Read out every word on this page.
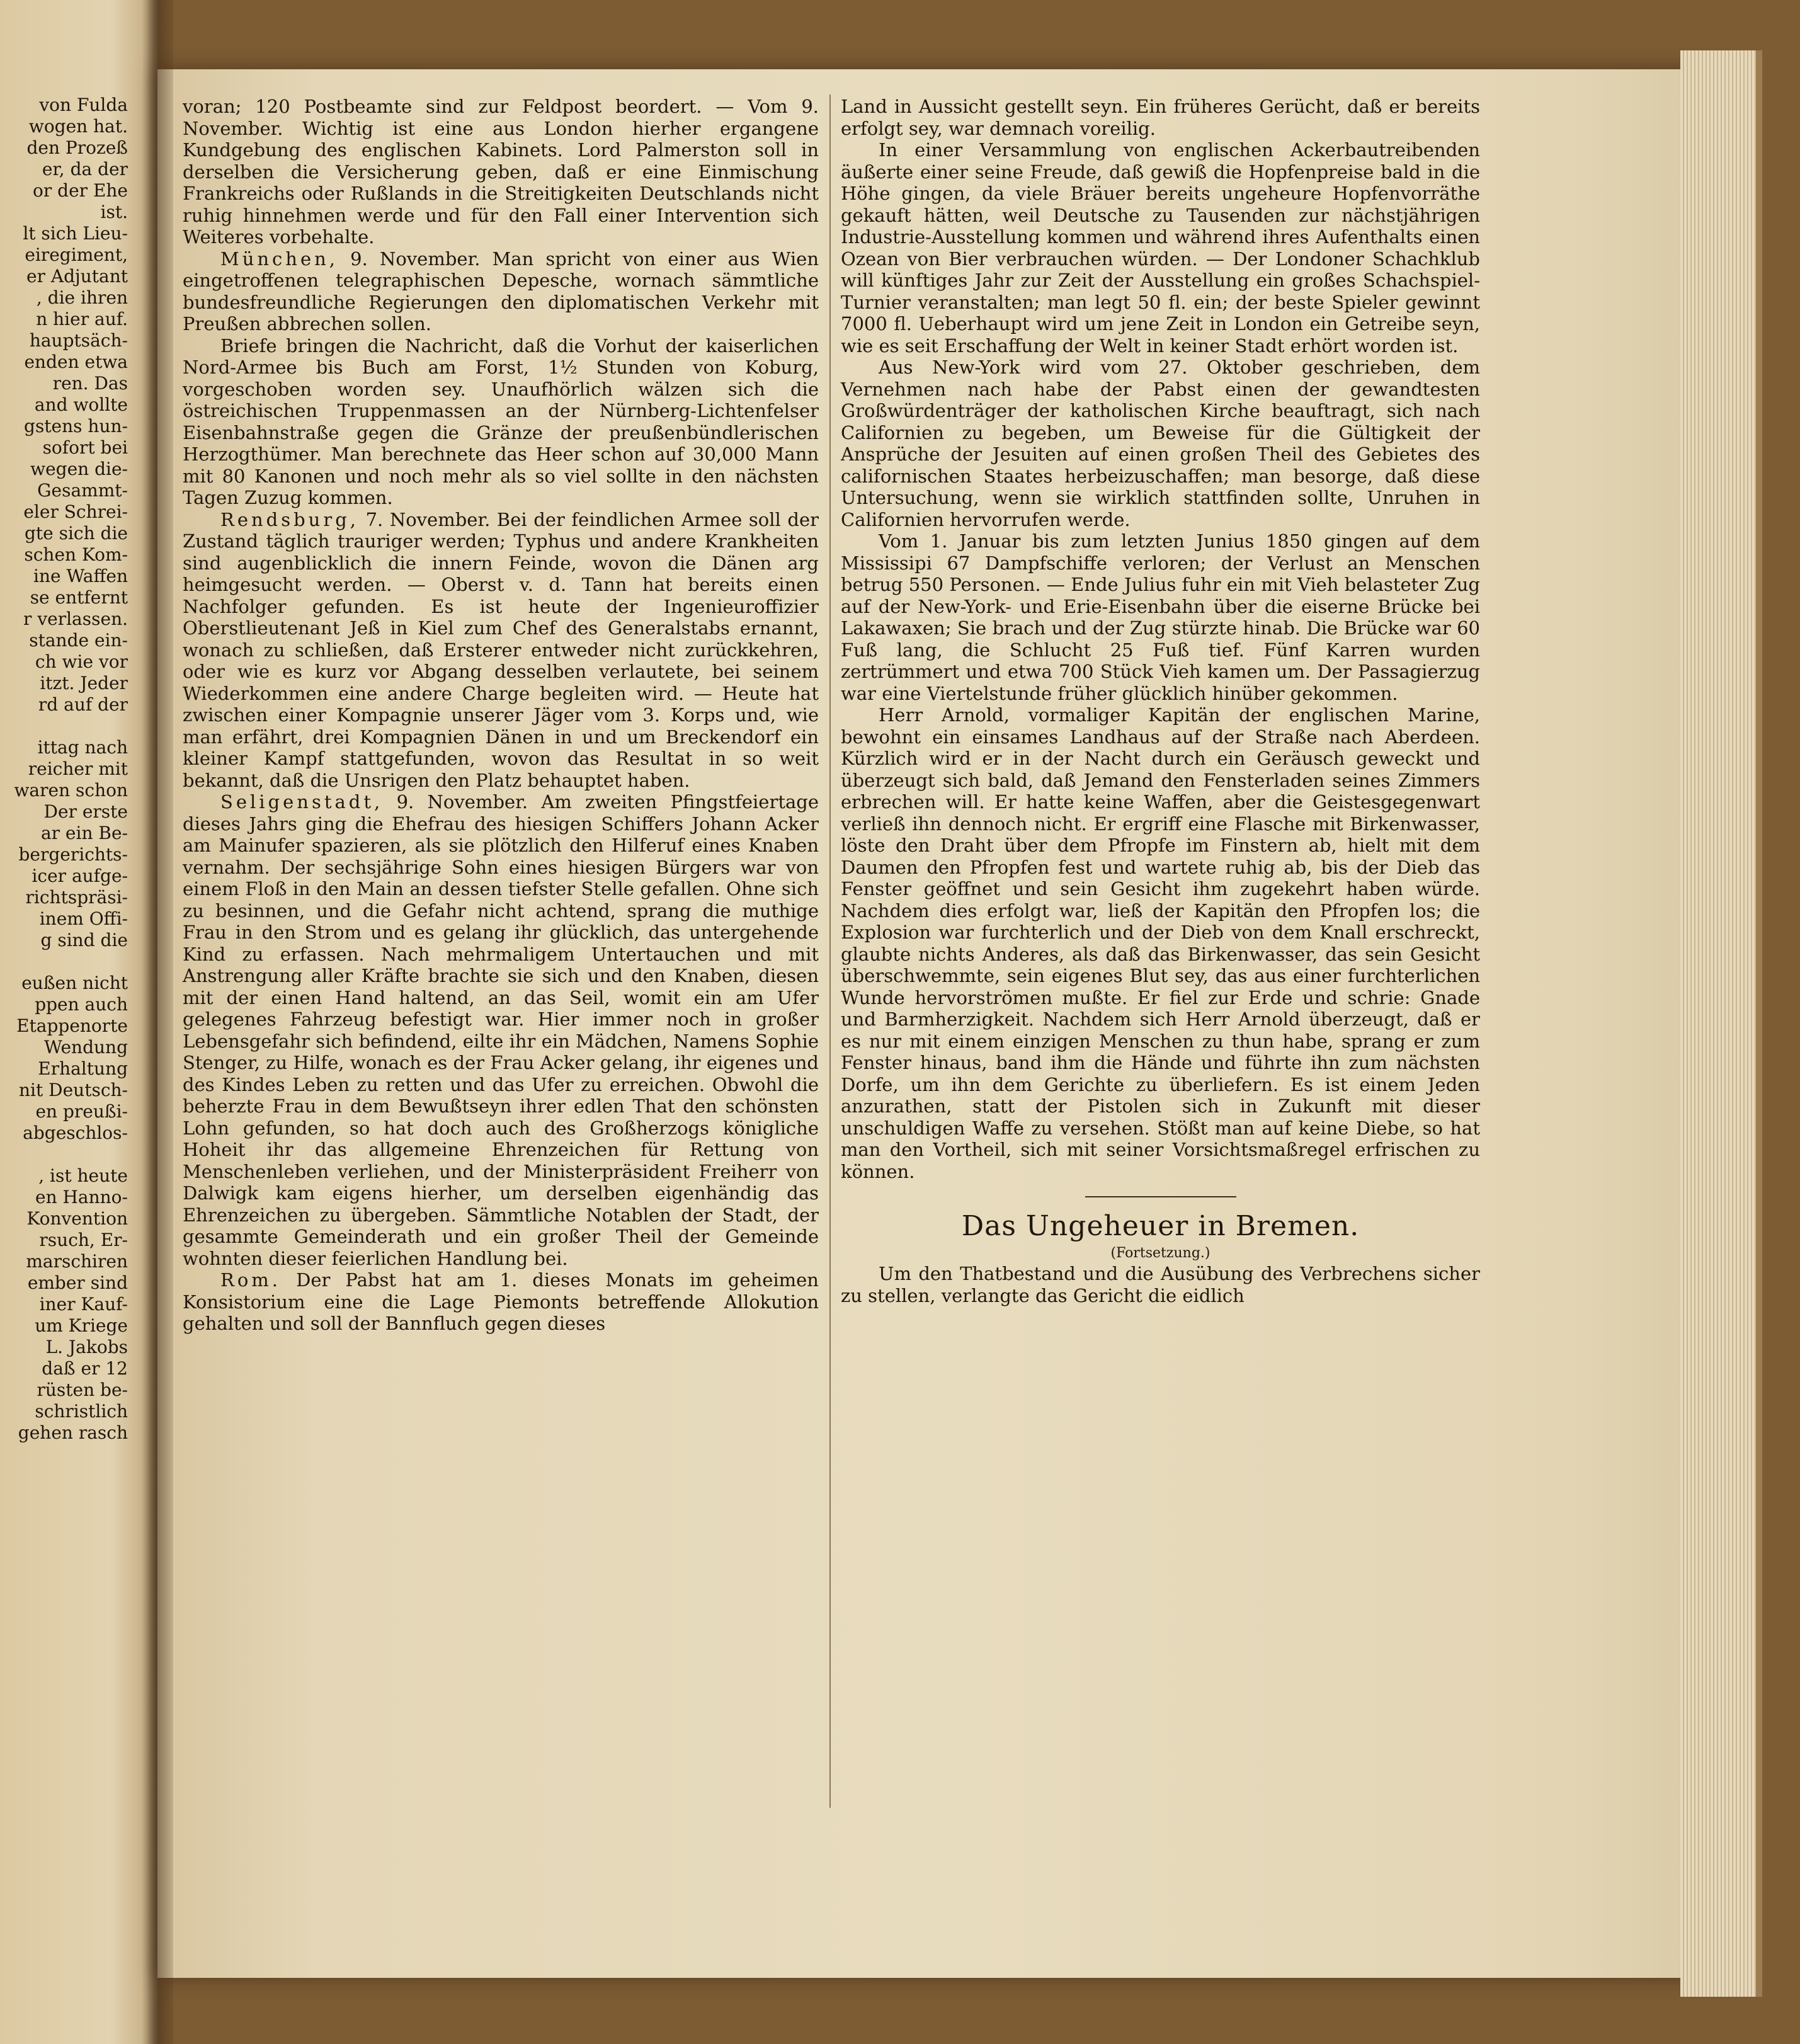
von Fulda
wogen hat.
den Prozeß
er, da der
or der Ehe
ist.
lt sich Lieu-
eiregiment,
er Adjutant
, die ihren
n hier auf.
hauptsäch-
enden etwa
ren. Das
and wollte
gstens hun-
sofort bei
wegen die-
Gesammt-
eler Schrei-
gte sich die
schen Kom-
ine Waffen
se entfernt
r verlassen.
stande ein-
ch wie vor
itzt. Jeder
rd auf der

ittag nach
reicher mit
waren schon
Der erste
ar ein Be-
bergerichts-
icer aufge-
richtspräsi-
inem Offi-
g sind die

eußen nicht
ppen auch
Etappenorte
Wendung
Erhaltung
nit Deutsch-
en preußi-
abgeschlos-

, ist heute
en Hanno-
Konvention
rsuch, Er-
marschiren
ember sind
iner Kauf-
um Kriege
L. Jakobs
daß er 12
rüsten be-
schristlich
gehen rasch

voran; 120 Postbeamte sind zur Feldpost beordert. — Vom 9. November. Wichtig ist eine aus London hierher ergangene Kundgebung des englischen Kabinets. Lord Palmerston soll in derselben die Versicherung geben, daß er eine Einmischung Frankreichs oder Rußlands in die Streitigkeiten Deutschlands nicht ruhig hinnehmen werde und für den Fall einer Intervention sich Weiteres vorbehalte.

München, 9. November. Man spricht von einer aus Wien eingetroffenen telegraphischen Depesche, wornach sämmtliche bundesfreundliche Regierungen den diplomatischen Verkehr mit Preußen abbrechen sollen.

Briefe bringen die Nachricht, daß die Vorhut der kaiserlichen Nord-Armee bis Buch am Forst, 1½ Stunden von Koburg, vorgeschoben worden sey. Unaufhörlich wälzen sich die östreichischen Truppenmassen an der Nürnberg-Lichtenfelser Eisenbahnstraße gegen die Gränze der preußenbündlerischen Herzogthümer. Man berechnete das Heer schon auf 30,000 Mann mit 80 Kanonen und noch mehr als so viel sollte in den nächsten Tagen Zuzug kommen.

Rendsburg, 7. November. Bei der feindlichen Armee soll der Zustand täglich trauriger werden; Typhus und andere Krankheiten sind augenblicklich die innern Feinde, wovon die Dänen arg heimgesucht werden. — Oberst v. d. Tann hat bereits einen Nachfolger gefunden. Es ist heute der Ingenieuroffizier Oberstlieutenant Jeß in Kiel zum Chef des Generalstabs ernannt, wonach zu schließen, daß Ersterer entweder nicht zurückkehren, oder wie es kurz vor Abgang desselben verlautete, bei seinem Wiederkommen eine andere Charge begleiten wird. — Heute hat zwischen einer Kompagnie unserer Jäger vom 3. Korps und, wie man erfährt, drei Kompagnien Dänen in und um Breckendorf ein kleiner Kampf stattgefunden, wovon das Resultat in so weit bekannt, daß die Unsrigen den Platz behauptet haben.

Seligenstadt, 9. November. Am zweiten Pfingstfeiertage dieses Jahrs ging die Ehefrau des hiesigen Schiffers Johann Acker am Mainufer spazieren, als sie plötzlich den Hilferuf eines Knaben vernahm. Der sechsjährige Sohn eines hiesigen Bürgers war von einem Floß in den Main an dessen tiefster Stelle gefallen. Ohne sich zu besinnen, und die Gefahr nicht achtend, sprang die muthige Frau in den Strom und es gelang ihr glücklich, das untergehende Kind zu erfassen. Nach mehrmaligem Untertauchen und mit Anstrengung aller Kräfte brachte sie sich und den Knaben, diesen mit der einen Hand haltend, an das Seil, womit ein am Ufer gelegenes Fahrzeug befestigt war. Hier immer noch in großer Lebensgefahr sich befindend, eilte ihr ein Mädchen, Namens Sophie Stenger, zu Hilfe, wonach es der Frau Acker gelang, ihr eigenes und des Kindes Leben zu retten und das Ufer zu erreichen. Obwohl die beherzte Frau in dem Bewußtseyn ihrer edlen That den schönsten Lohn gefunden, so hat doch auch des Großherzogs königliche Hoheit ihr das allgemeine Ehrenzeichen für Rettung von Menschenleben verliehen, und der Ministerpräsident Freiherr von Dalwigk kam eigens hierher, um derselben eigenhändig das Ehrenzeichen zu übergeben. Sämmtliche Notablen der Stadt, der gesammte Gemeinderath und ein großer Theil der Gemeinde wohnten dieser feierlichen Handlung bei.

Rom. Der Pabst hat am 1. dieses Monats im geheimen Konsistorium eine die Lage Piemonts betreffende Allokution gehalten und soll der Bannfluch gegen dieses

Land in Aussicht gestellt seyn. Ein früheres Gerücht, daß er bereits erfolgt sey, war demnach voreilig.

In einer Versammlung von englischen Ackerbautreibenden äußerte einer seine Freude, daß gewiß die Hopfenpreise bald in die Höhe gingen, da viele Bräuer bereits ungeheure Hopfenvorräthe gekauft hätten, weil Deutsche zu Tausenden zur nächstjährigen Industrie-Ausstellung kommen und während ihres Aufenthalts einen Ozean von Bier verbrauchen würden. — Der Londoner Schachklub will künftiges Jahr zur Zeit der Ausstellung ein großes Schachspiel-Turnier veranstalten; man legt 50 fl. ein; der beste Spieler gewinnt 7000 fl. Ueberhaupt wird um jene Zeit in London ein Getreibe seyn, wie es seit Erschaffung der Welt in keiner Stadt erhört worden ist.

Aus New-York wird vom 27. Oktober geschrieben, dem Vernehmen nach habe der Pabst einen der gewandtesten Großwürdenträger der katholischen Kirche beauftragt, sich nach Californien zu begeben, um Beweise für die Gültigkeit der Ansprüche der Jesuiten auf einen großen Theil des Gebietes des californischen Staates herbeizuschaffen; man besorge, daß diese Untersuchung, wenn sie wirklich stattfinden sollte, Unruhen in Californien hervorrufen werde.

Vom 1. Januar bis zum letzten Junius 1850 gingen auf dem Mississipi 67 Dampfschiffe verloren; der Verlust an Menschen betrug 550 Personen. — Ende Julius fuhr ein mit Vieh belasteter Zug auf der New-York- und Erie-Eisenbahn über die eiserne Brücke bei Lakawaxen; Sie brach und der Zug stürzte hinab. Die Brücke war 60 Fuß lang, die Schlucht 25 Fuß tief. Fünf Karren wurden zertrümmert und etwa 700 Stück Vieh kamen um. Der Passagierzug war eine Viertelstunde früher glücklich hinüber gekommen.

Herr Arnold, vormaliger Kapitän der englischen Marine, bewohnt ein einsames Landhaus auf der Straße nach Aberdeen. Kürzlich wird er in der Nacht durch ein Geräusch geweckt und überzeugt sich bald, daß Jemand den Fensterladen seines Zimmers erbrechen will. Er hatte keine Waffen, aber die Geistesgegenwart verließ ihn dennoch nicht. Er ergriff eine Flasche mit Birkenwasser, löste den Draht über dem Pfropfe im Finstern ab, hielt mit dem Daumen den Pfropfen fest und wartete ruhig ab, bis der Dieb das Fenster geöffnet und sein Gesicht ihm zugekehrt haben würde. Nachdem dies erfolgt war, ließ der Kapitän den Pfropfen los; die Explosion war furchterlich und der Dieb von dem Knall erschreckt, glaubte nichts Anderes, als daß das Birkenwasser, das sein Gesicht überschwemmte, sein eigenes Blut sey, das aus einer furchterlichen Wunde hervorströmen mußte. Er fiel zur Erde und schrie: Gnade und Barmherzigkeit. Nachdem sich Herr Arnold überzeugt, daß er es nur mit einem einzigen Menschen zu thun habe, sprang er zum Fenster hinaus, band ihm die Hände und führte ihn zum nächsten Dorfe, um ihn dem Gerichte zu überliefern. Es ist einem Jeden anzurathen, statt der Pistolen sich in Zukunft mit dieser unschuldigen Waffe zu versehen. Stößt man auf keine Diebe, so hat man den Vortheil, sich mit seiner Vorsichtsmaßregel erfrischen zu können.

Das Ungeheuer in Bremen.

(Fortsetzung.)

Um den Thatbestand und die Ausübung des Verbrechens sicher zu stellen, verlangte das Gericht die eidlich
